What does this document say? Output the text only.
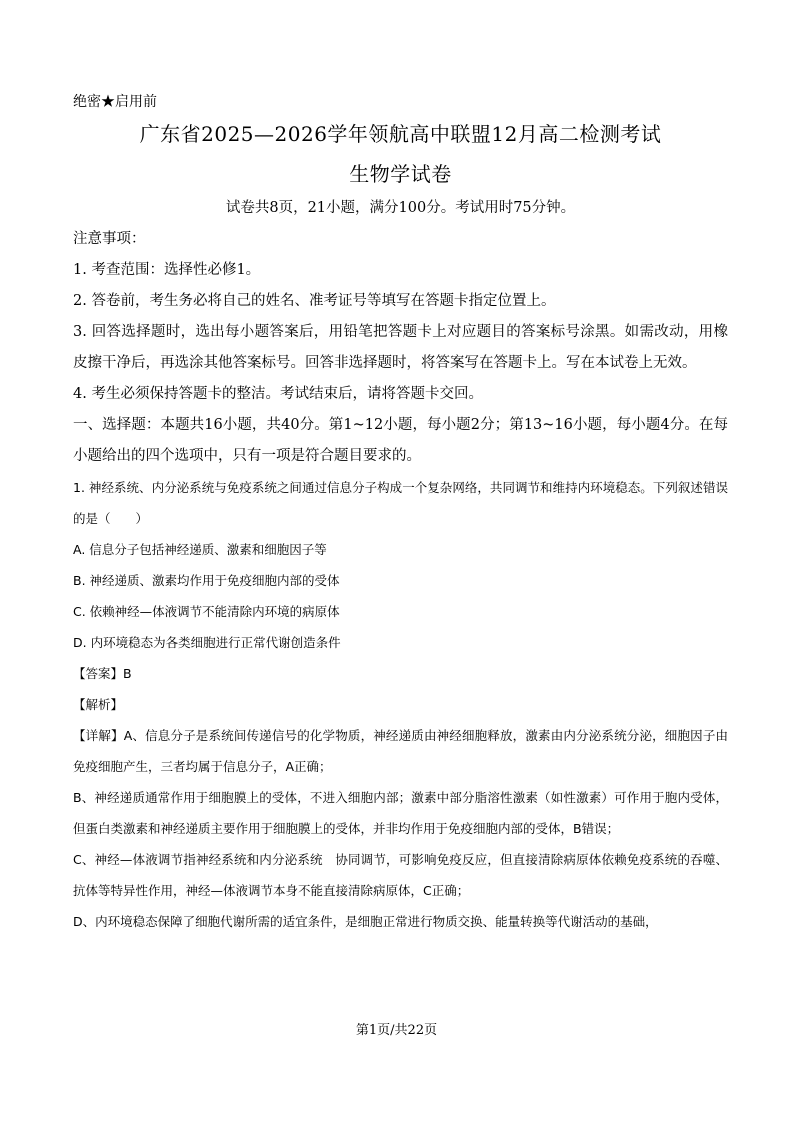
绝密★启用前

广东省2025—2026学年领航高中联盟12月高二检测考试

生物学试卷

试卷共8页，21小题，满分100分。考试用时75分钟。

注意事项：

1. 考查范围：选择性必修1。

2. 答卷前，考生务必将自己的姓名、准考证号等填写在答题卡指定位置上。

3. 回答选择题时，选出每小题答案后，用铅笔把答题卡上对应题目的答案标号涂黑。如需改动，用橡皮擦干净后，再选涂其他答案标号。回答非选择题时，将答案写在答题卡上。写在本试卷上无效。

4. 考生必须保持答题卡的整洁。考试结束后，请将答题卡交回。

一、选择题：本题共16小题，共40分。第1~12小题，每小题2分；第13~16小题，每小题4分。在每小题给出的四个选项中，只有一项是符合题目要求的。

1. 神经系统、内分泌系统与免疫系统之间通过信息分子构成一个复杂网络，共同调节和维持内环境稳态。下列叙述错误的是（　　）

A. 信息分子包括神经递质、激素和细胞因子等

B. 神经递质、激素均作用于免疫细胞内部的受体

C. 依赖神经—体液调节不能清除内环境的病原体

D. 内环境稳态为各类细胞进行正常代谢创造条件

【答案】B

【解析】

【详解】A、信息分子是系统间传递信号的化学物质，神经递质由神经细胞释放，激素由内分泌系统分泌，细胞因子由免疫细胞产生，三者均属于信息分子，A正确；

B、神经递质通常作用于细胞膜上的受体，不进入细胞内部；激素中部分脂溶性激素（如性激素）可作用于胞内受体，但蛋白类激素和神经递质主要作用于细胞膜上的受体，并非均作用于免疫细胞内部的受体，B错误；

C、神经—体液调节指神经系统和内分泌系统　协同调节，可影响免疫反应，但直接清除病原体依赖免疫系统的吞噬、抗体等特异性作用，神经—体液调节本身不能直接清除病原体，C正确；

D、内环境稳态保障了细胞代谢所需的适宜条件，是细胞正常进行物质交换、能量转换等代谢活动的基础，

第1页/共22页
